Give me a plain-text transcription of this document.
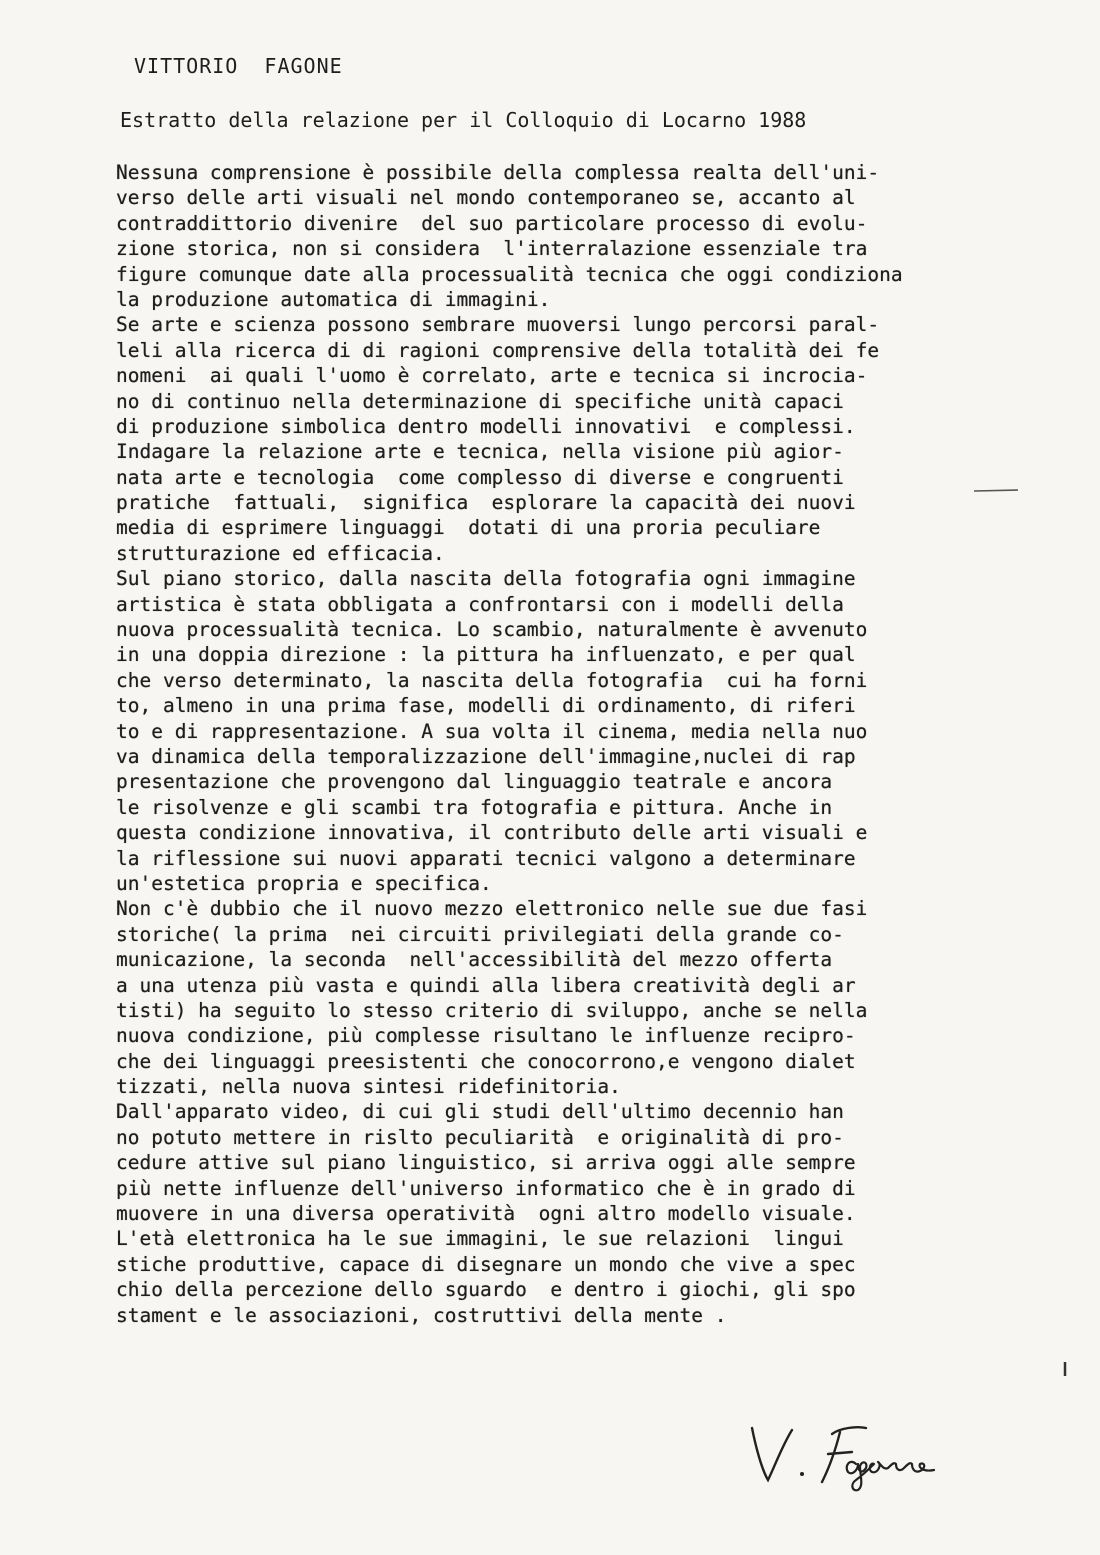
VITTORIO  FAGONE
Estratto della relazione per il Colloquio di Locarno 1988
Nessuna comprensione è possibile della complessa realta dell'uni-
verso delle arti visuali nel mondo contemporaneo se, accanto al
contraddittorio divenire  del suo particolare processo di evolu-
zione storica, non si considera  l'interralazione essenziale tra
figure comunque date alla processualità tecnica che oggi condiziona
la produzione automatica di immagini.
Se arte e scienza possono sembrare muoversi lungo percorsi paral-
leli alla ricerca di di ragioni comprensive della totalità dei fe
nomeni  ai quali l'uomo è correlato, arte e tecnica si incrocia-
no di continuo nella determinazione di specifiche unità capaci
di produzione simbolica dentro modelli innovativi  e complessi.
Indagare la relazione arte e tecnica, nella visione più agior-
nata arte e tecnologia  come complesso di diverse e congruenti
pratiche  fattuali,  significa  esplorare la capacità dei nuovi
media di esprimere linguaggi  dotati di una proria peculiare
strutturazione ed efficacia.
Sul piano storico, dalla nascita della fotografia ogni immagine
artistica è stata obbligata a confrontarsi con i modelli della
nuova processualità tecnica. Lo scambio, naturalmente è avvenuto
in una doppia direzione : la pittura ha influenzato, e per qual
che verso determinato, la nascita della fotografia  cui ha forni
to, almeno in una prima fase, modelli di ordinamento, di riferi
to e di rappresentazione. A sua volta il cinema, media nella nuo
va dinamica della temporalizzazione dell'immagine,nuclei di rap
presentazione che provengono dal linguaggio teatrale e ancora
le risolvenze e gli scambi tra fotografia e pittura. Anche in
questa condizione innovativa, il contributo delle arti visuali e
la riflessione sui nuovi apparati tecnici valgono a determinare
un'estetica propria e specifica.
Non c'è dubbio che il nuovo mezzo elettronico nelle sue due fasi
storiche( la prima  nei circuiti privilegiati della grande co-
municazione, la seconda  nell'accessibilità del mezzo offerta
a una utenza più vasta e quindi alla libera creatività degli ar
tisti) ha seguito lo stesso criterio di sviluppo, anche se nella
nuova condizione, più complesse risultano le influenze recipro-
che dei linguaggi preesistenti che conocorrono,e vengono dialet
tizzati, nella nuova sintesi ridefinitoria.
Dall'apparato video, di cui gli studi dell'ultimo decennio han
no potuto mettere in rislto peculiarità  e originalità di pro-
cedure attive sul piano linguistico, si arriva oggi alle sempre
più nette influenze dell'universo informatico che è in grado di
muovere in una diversa operatività  ogni altro modello visuale.
L'età elettronica ha le sue immagini, le sue relazioni  lingui
stiche produttive, capace di disegnare un mondo che vive a spec
chio della percezione dello sguardo  e dentro i giochi, gli spo
stament e le associazioni, costruttivi della mente .
